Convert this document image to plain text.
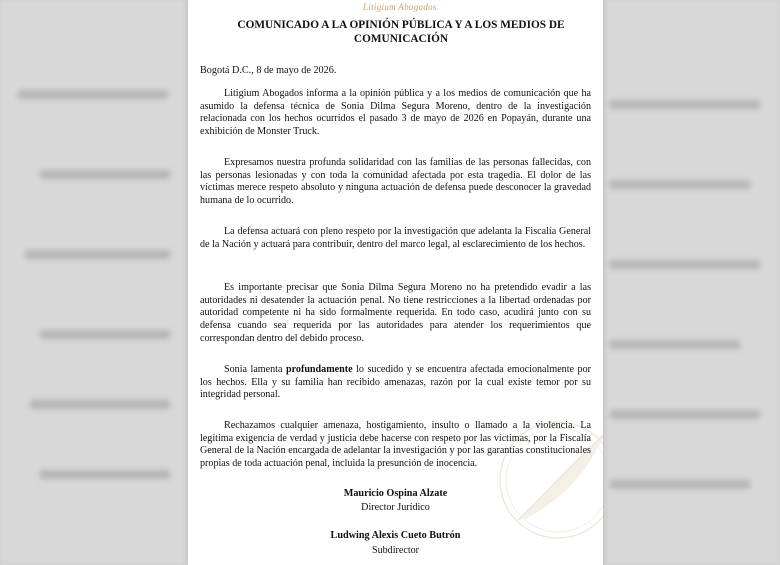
Litigium Abogados
COMUNICADO A LA OPINIÓN PÚBLICA Y A LOS MEDIOS DE
COMUNICACIÓN
Bogotá D.C., 8 de mayo de 2026.
Litigium Abogados informa a la opinión pública y a los medios de comunicación que ha asumido la defensa técnica de Sonia Dilma Segura Moreno, dentro de la investigación relacionada con los hechos ocurridos el pasado 3 de mayo de 2026 en Popayán, durante una exhibición de Monster Truck.
Expresamos nuestra profunda solidaridad con las familias de las personas fallecidas, con las personas lesionadas y con toda la comunidad afectada por esta tragedia. El dolor de las víctimas merece respeto absoluto y ninguna actuación de defensa puede desconocer la gravedad humana de lo ocurrido.
La defensa actuará con pleno respeto por la investigación que adelanta la Fiscalía General de la Nación y actuará para contribuir, dentro del marco legal, al esclarecimiento de los hechos.
Es importante precisar que Sonia Dilma Segura Moreno no ha pretendido evadir a las autoridades ni desatender la actuación penal. No tiene restricciones a la libertad ordenadas por autoridad competente ni ha sido formalmente requerida. En todo caso, acudirá junto con su defensa cuando sea requerida por las autoridades para atender los requerimientos que correspondan dentro del debido proceso.
Sonia lamenta profundamente lo sucedido y se encuentra afectada emocionalmente por los hechos. Ella y su familia han recibido amenazas, razón por la cual existe temor por su integridad personal.
Rechazamos cualquier amenaza, hostigamiento, insulto o llamado a la violencia. La legítima exigencia de verdad y justicia debe hacerse con respeto por las víctimas, por la Fiscalía General de la Nación encargada de adelantar la investigación y por las garantías constitucionales propias de toda actuación penal, incluida la presunción de inocencia.
Mauricio Ospina Alzate
Director Jurídico
Ludwing Alexis Cueto Butrón
Subdirector
